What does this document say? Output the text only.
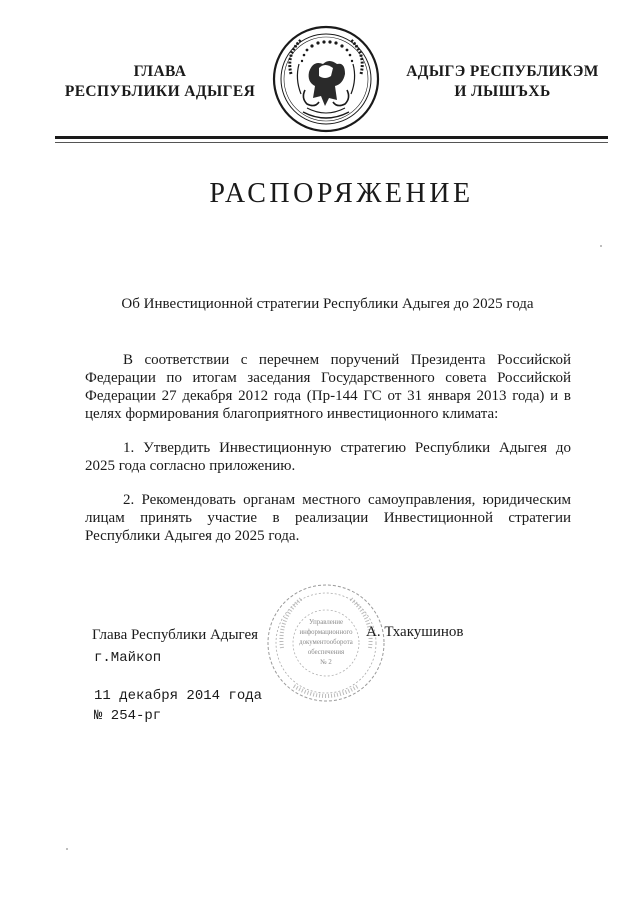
ГЛАВА
РЕСПУБЛИКИ АДЫГЕЯ
АДЫГЭ РЕСПУБЛИКЭМ
И ЛЫШЪХЬ
РАСПОРЯЖЕНИЕ
Об Инвестиционной стратегии Республики Адыгея до 2025 года

В соответствии с перечнем поручений Президента Российской Федерации по итогам заседания Государственного совета Российской Федерации 27 декабря 2012 года (Пр-144 ГС от 31 января 2013 года) и в целях формирования благоприятного инвестиционного климата:

1. Утвердить Инвестиционную стратегию Республики Адыгея до 2025 года согласно приложению.

2. Рекомендовать органам местного самоуправления, юридическим лицам принять участие в реализации Инвестиционной стратегии Республики Адыгея до 2025 года.

Управление
информационного
документооборота
обеспечения
№ 2
Глава Республики Адыгея	А. Тхакушинов
г.Майкоп
11 декабря 2014 года
№ 254-рг
